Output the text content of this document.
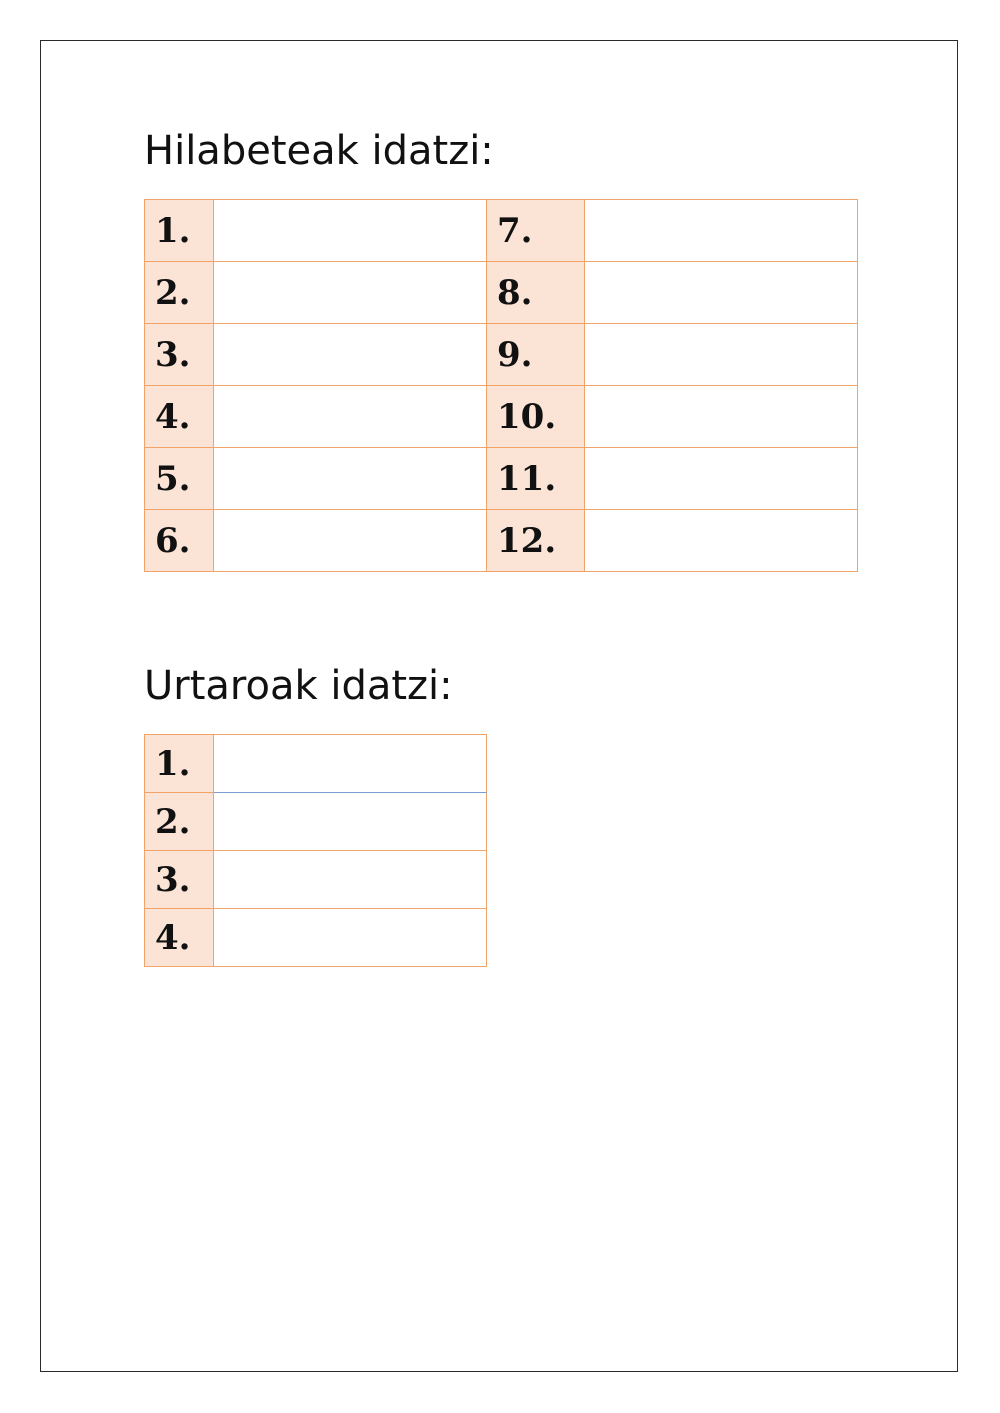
Hilabeteak idatzi:
1.		7.	
2.		8.	
3.		9.	
4.		10.	
5.		11.	
6.		12.	
Urtaroak idatzi:
1.	
2.	
3.	
4.	
